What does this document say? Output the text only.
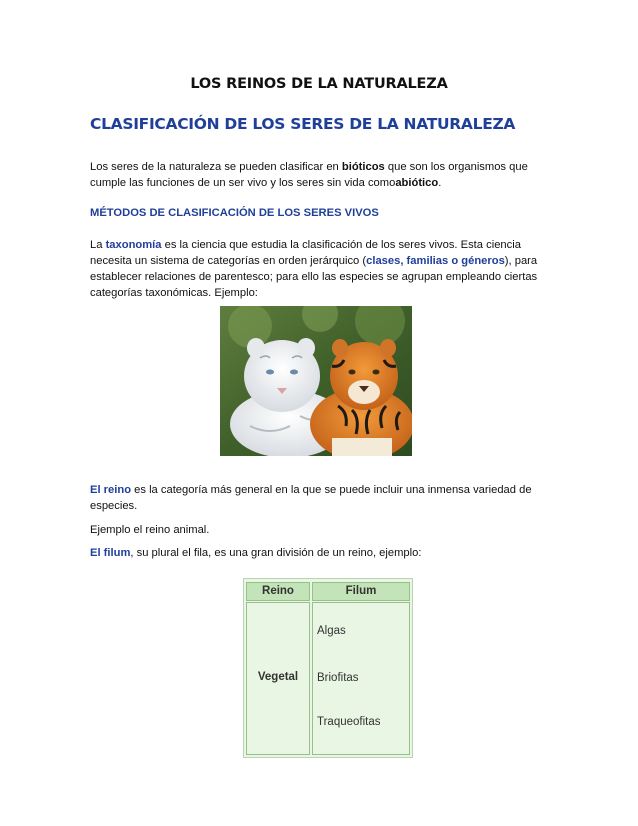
LOS REINOS DE LA NATURALEZA
CLASIFICACIÓN DE LOS SERES DE LA NATURALEZA
Los seres de la naturaleza se pueden clasificar en bióticos que son los organismos que cumple las funciones de un ser vivo y los seres sin vida comoabiótico.
MÉTODOS DE CLASIFICACIÓN DE LOS SERES VIVOS
La taxonomía es la ciencia que estudia la clasificación de los seres vivos. Esta ciencia necesita un sistema de categorías en orden jerárquico (clases, familias o géneros), para establecer relaciones de parentesco; para ello las especies se agrupan empleando ciertas categorías taxonómicas. Ejemplo:
El reino es la categoría más general en la que se puede incluir una inmensa variedad de especies.
Ejemplo el reino animal.
El filum, su plural el fila, es una gran división de un reino, ejemplo:
Reino	Filum
Vegetal
Algas
Briofitas
Traqueofitas
